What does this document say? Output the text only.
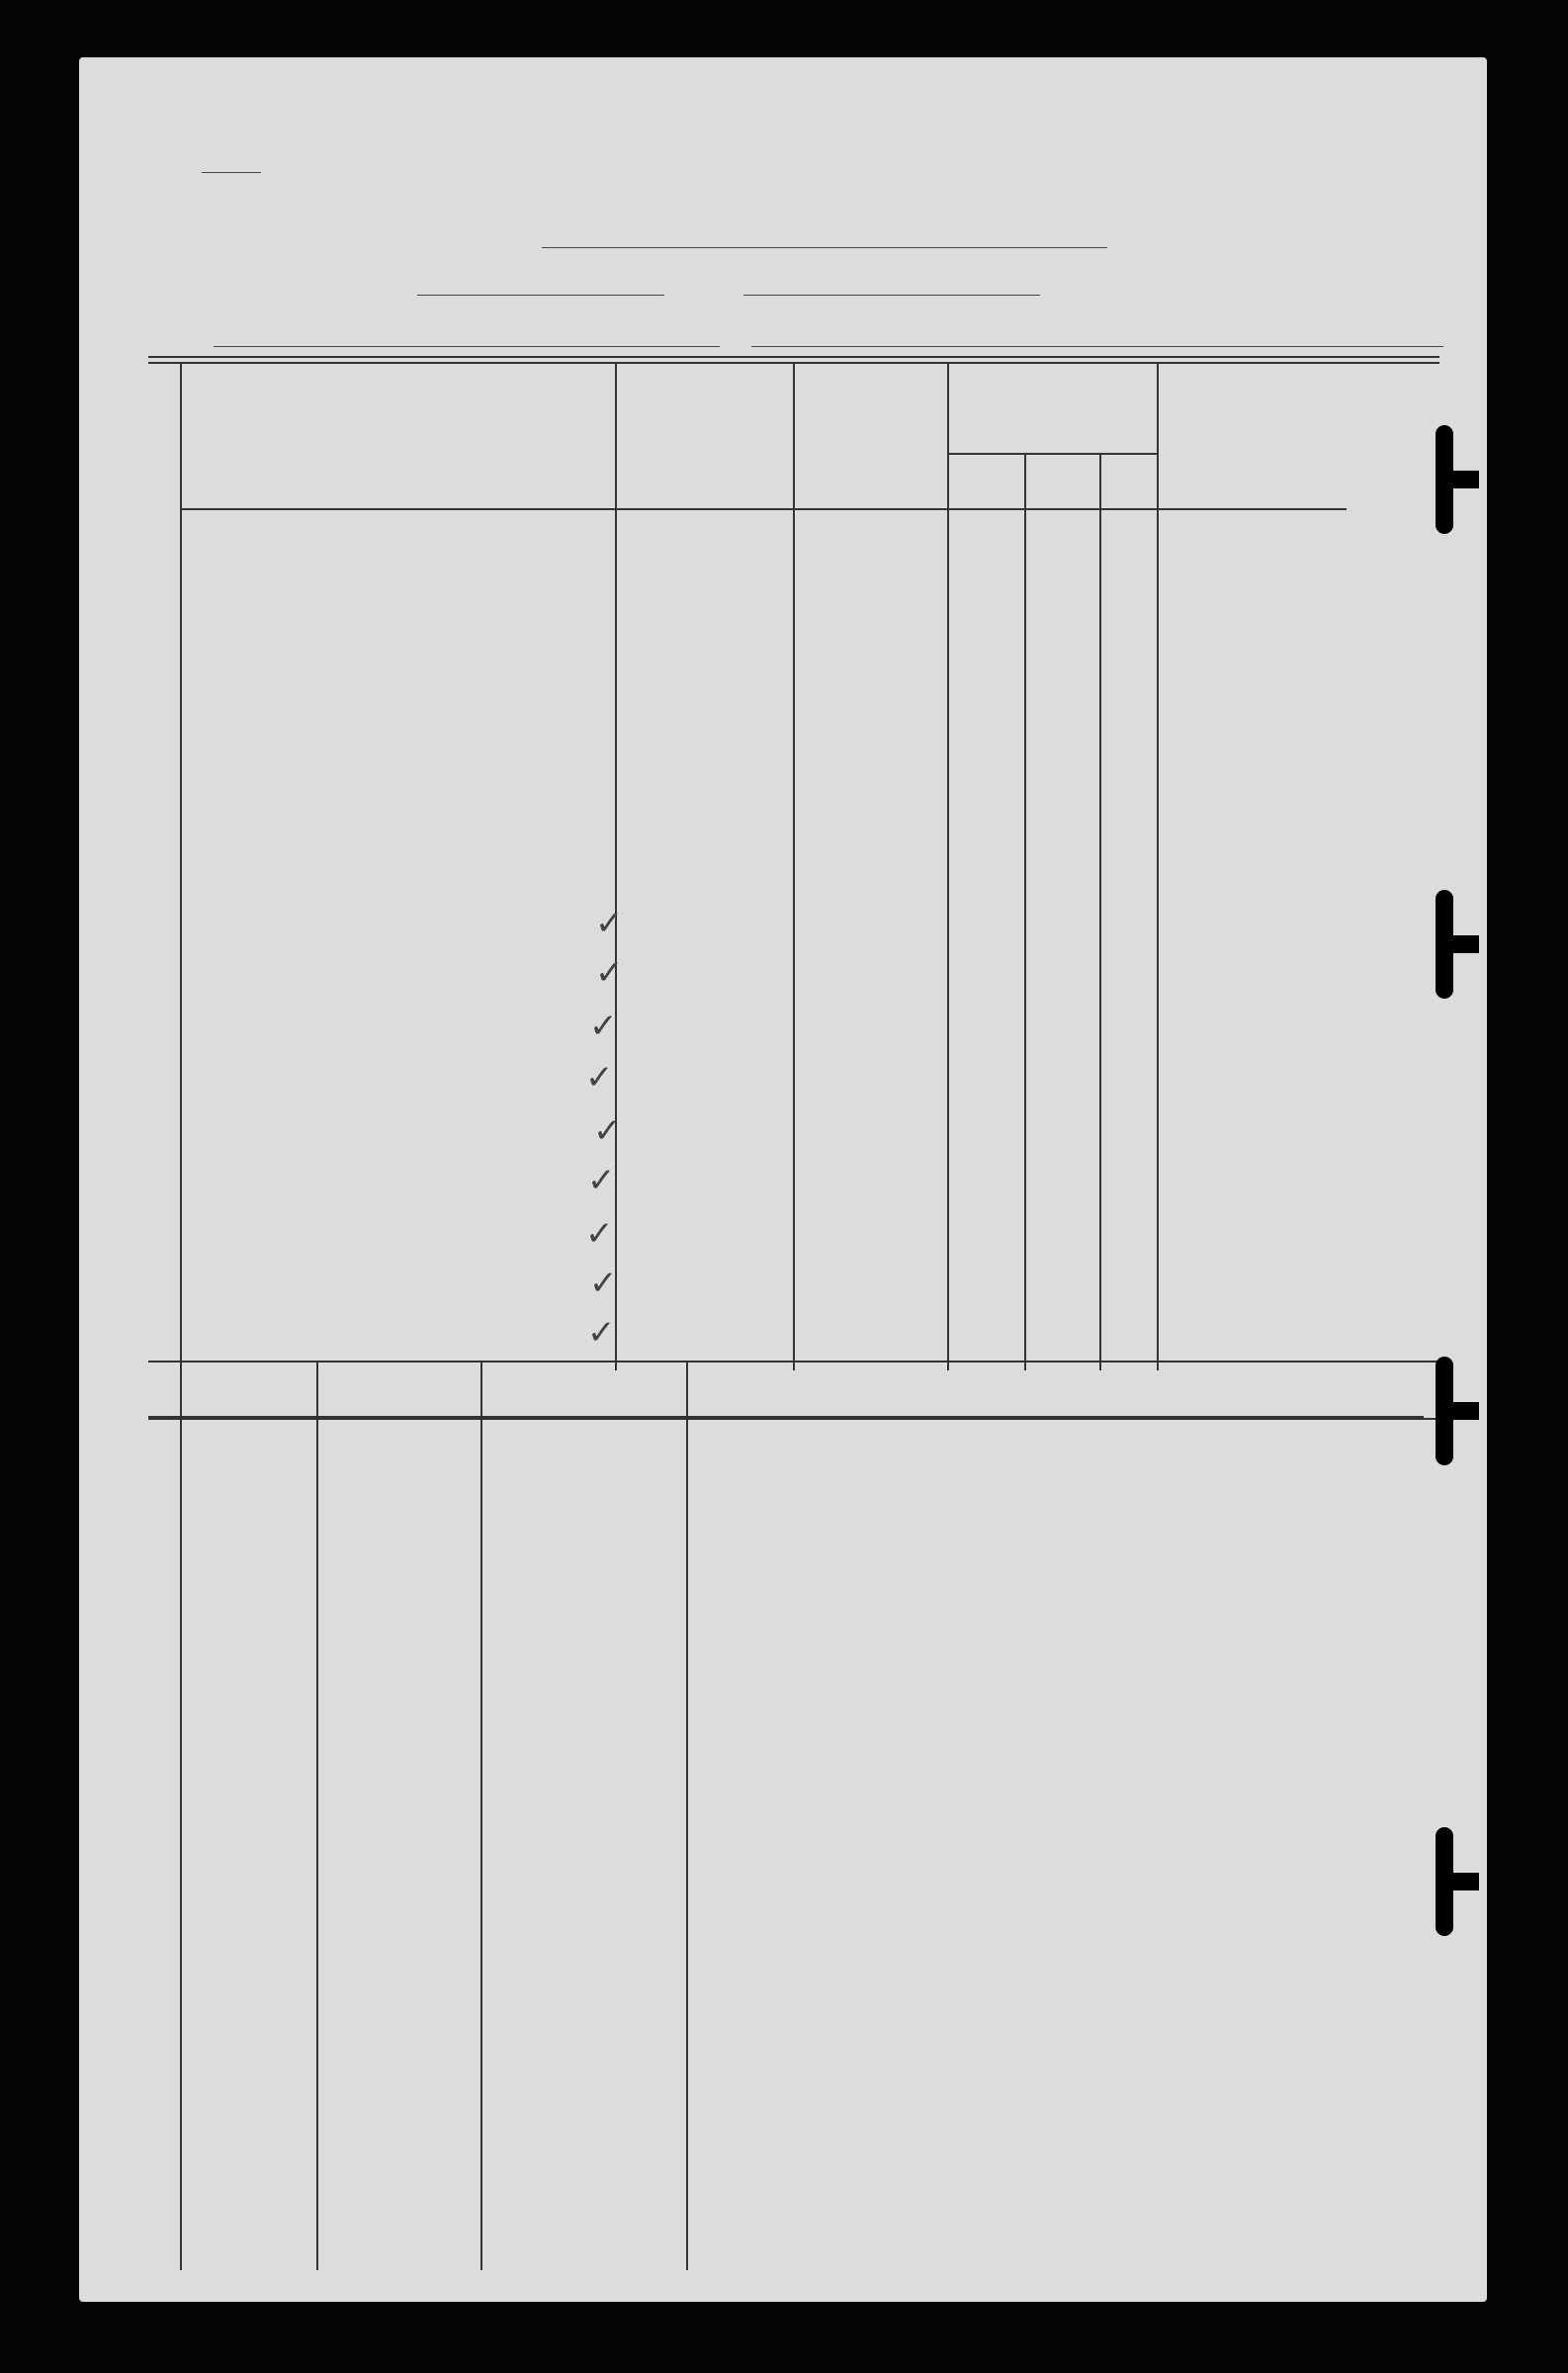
✓
✓
✓
✓
✓
✓
✓
✓
✓
